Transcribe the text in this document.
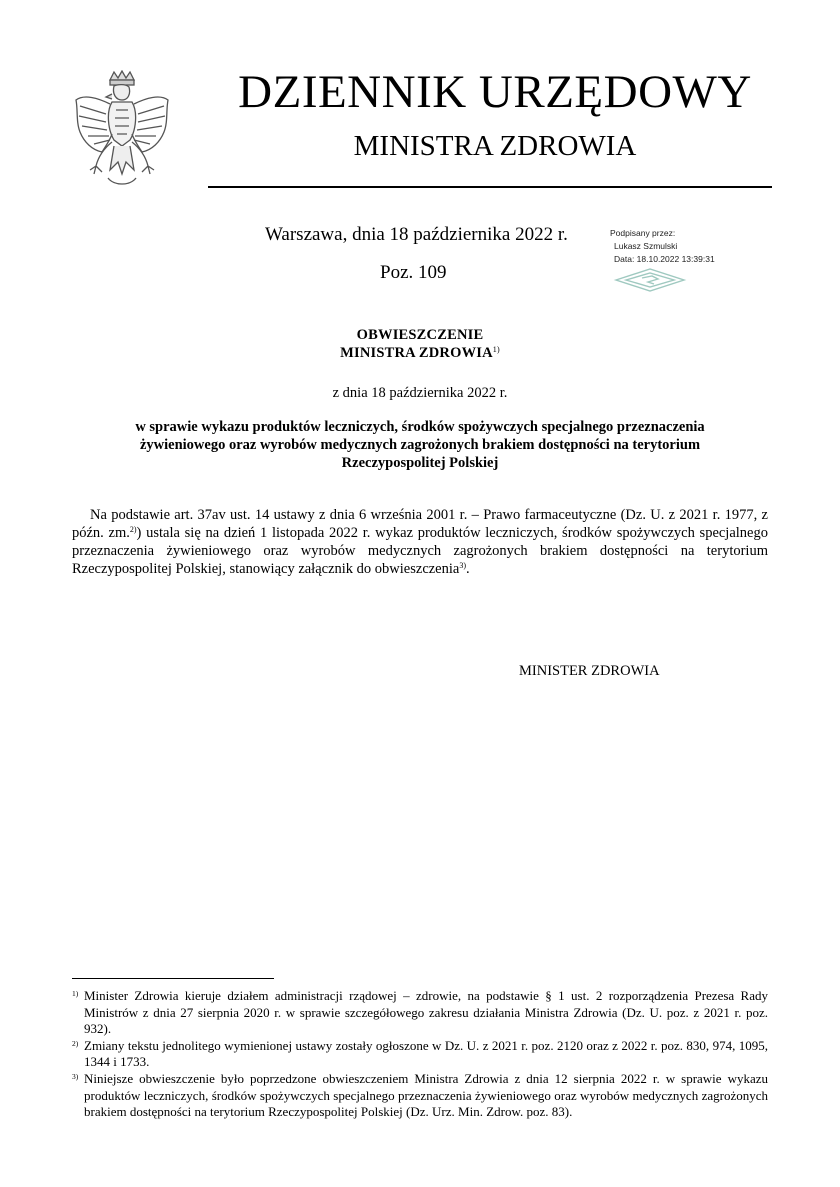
DZIENNIK URZĘDOWY
MINISTRA ZDROWIA
Warszawa, dnia 18 października 2022 r.
Poz. 109
Podpisany przez:
Lukasz Szmulski
Data: 18.10.2022 13:39:31
OBWIESZCZENIE
MINISTRA ZDROWIA$^{1)}$
z dnia 18 października 2022 r.
w sprawie wykazu produktów leczniczych, środków spożywczych specjalnego przeznaczenia żywieniowego oraz wyrobów medycznych zagrożonych brakiem dostępności na terytorium Rzeczypospolitej Polskiej
Na podstawie art. 37av ust. 14 ustawy z dnia 6 września 2001 r. – Prawo farmaceutyczne (Dz. U. z 2021 r. 1977, z późn. zm.$^{2)}$) ustala się na dzień 1 listopada 2022 r. wykaz produktów leczniczych, środków spożywczych specjalnego przeznaczenia żywieniowego oraz wyrobów medycznych zagrożonych brakiem dostępności na terytorium Rzeczypospolitej Polskiej, stanowiący załącznik do obwieszczenia$^{3)}$.
MINISTER ZDROWIA
1) Minister Zdrowia kieruje działem administracji rządowej – zdrowie, na podstawie § 1 ust. 2 rozporządzenia Prezesa Rady Ministrów z dnia 27 sierpnia 2020 r. w sprawie szczegółowego zakresu działania Ministra Zdrowia (Dz. U. poz. z 2021 r. poz. 932).
2) Zmiany tekstu jednolitego wymienionej ustawy zostały ogłoszone w Dz. U. z 2021 r. poz. 2120 oraz z 2022 r. poz. 830, 974, 1095, 1344 i 1733.
3) Niniejsze obwieszczenie było poprzedzone obwieszczeniem Ministra Zdrowia z dnia 12 sierpnia 2022 r. w sprawie wykazu produktów leczniczych, środków spożywczych specjalnego przeznaczenia żywieniowego oraz wyrobów medycznych zagrożonych brakiem dostępności na terytorium Rzeczypospolitej Polskiej (Dz. Urz. Min. Zdrow. poz. 83).
